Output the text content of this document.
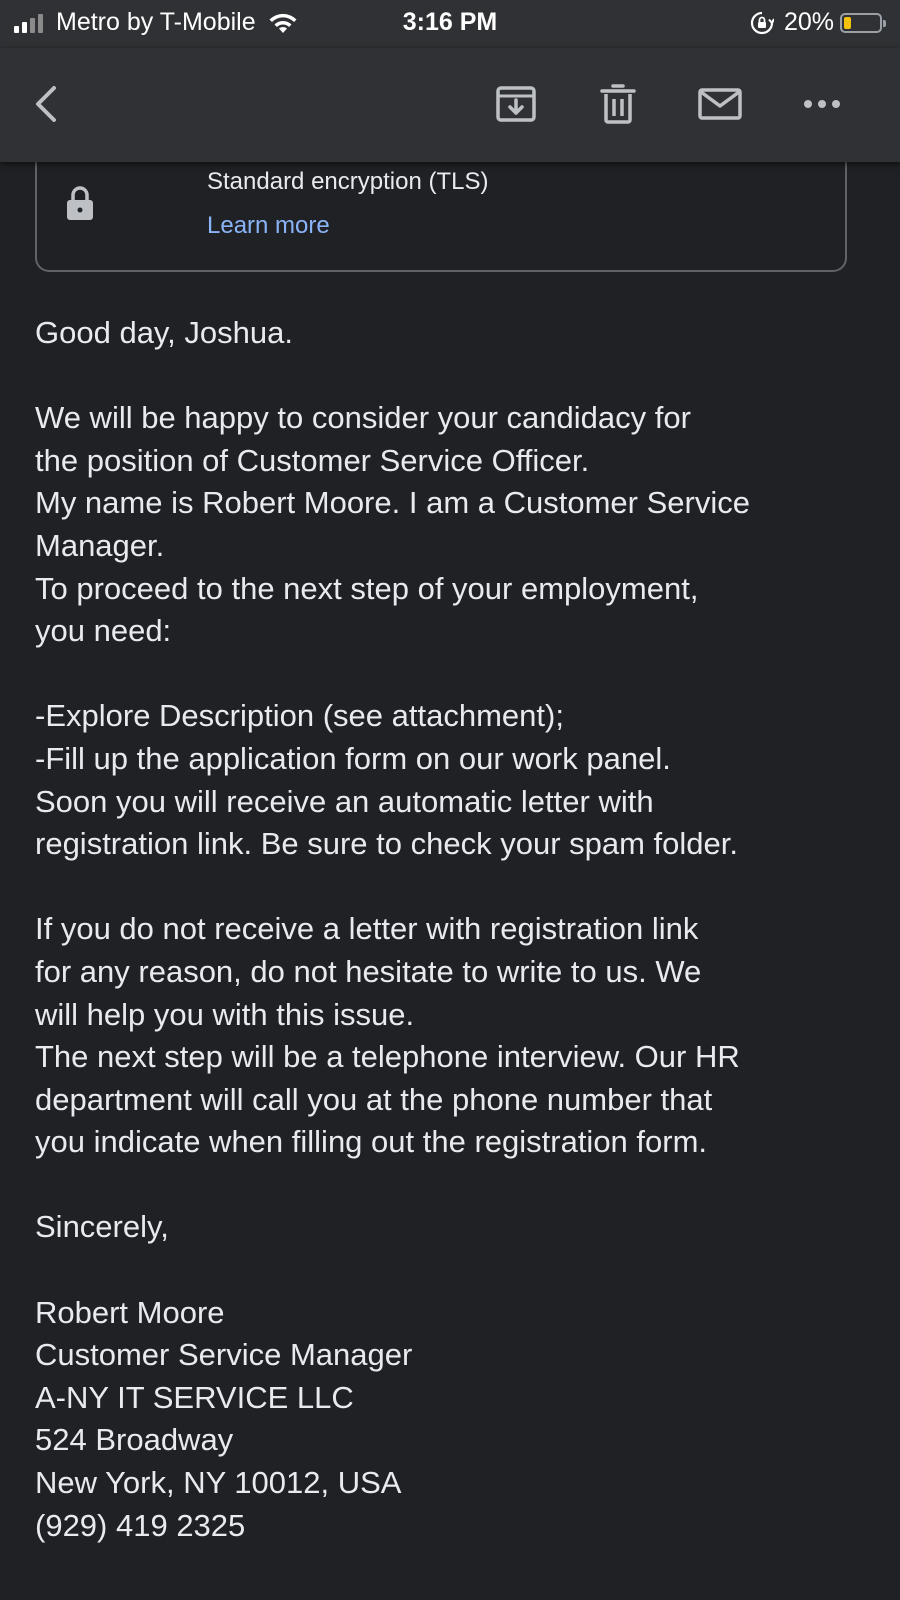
Metro by T-Mobile	3:16 PM	20%
Standard encryption (TLS)
Learn more
Good day, Joshua.
We will be happy to consider your candidacy for
the position of Customer Service Officer.
My name is Robert Moore. I am a Customer Service
Manager.
To proceed to the next step of your employment,
you need:
-Explore Description (see attachment);
-Fill up the application form on our work panel.
Soon you will receive an automatic letter with
registration link. Be sure to check your spam folder.
If you do not receive a letter with registration link
for any reason, do not hesitate to write to us. We
will help you with this issue.
The next step will be a telephone interview. Our HR
department will call you at the phone number that
you indicate when filling out the registration form.
Sincerely,
Robert Moore
Customer Service Manager
A-NY IT SERVICE LLC
524 Broadway
New York, NY 10012, USA
(929) 419 2325
